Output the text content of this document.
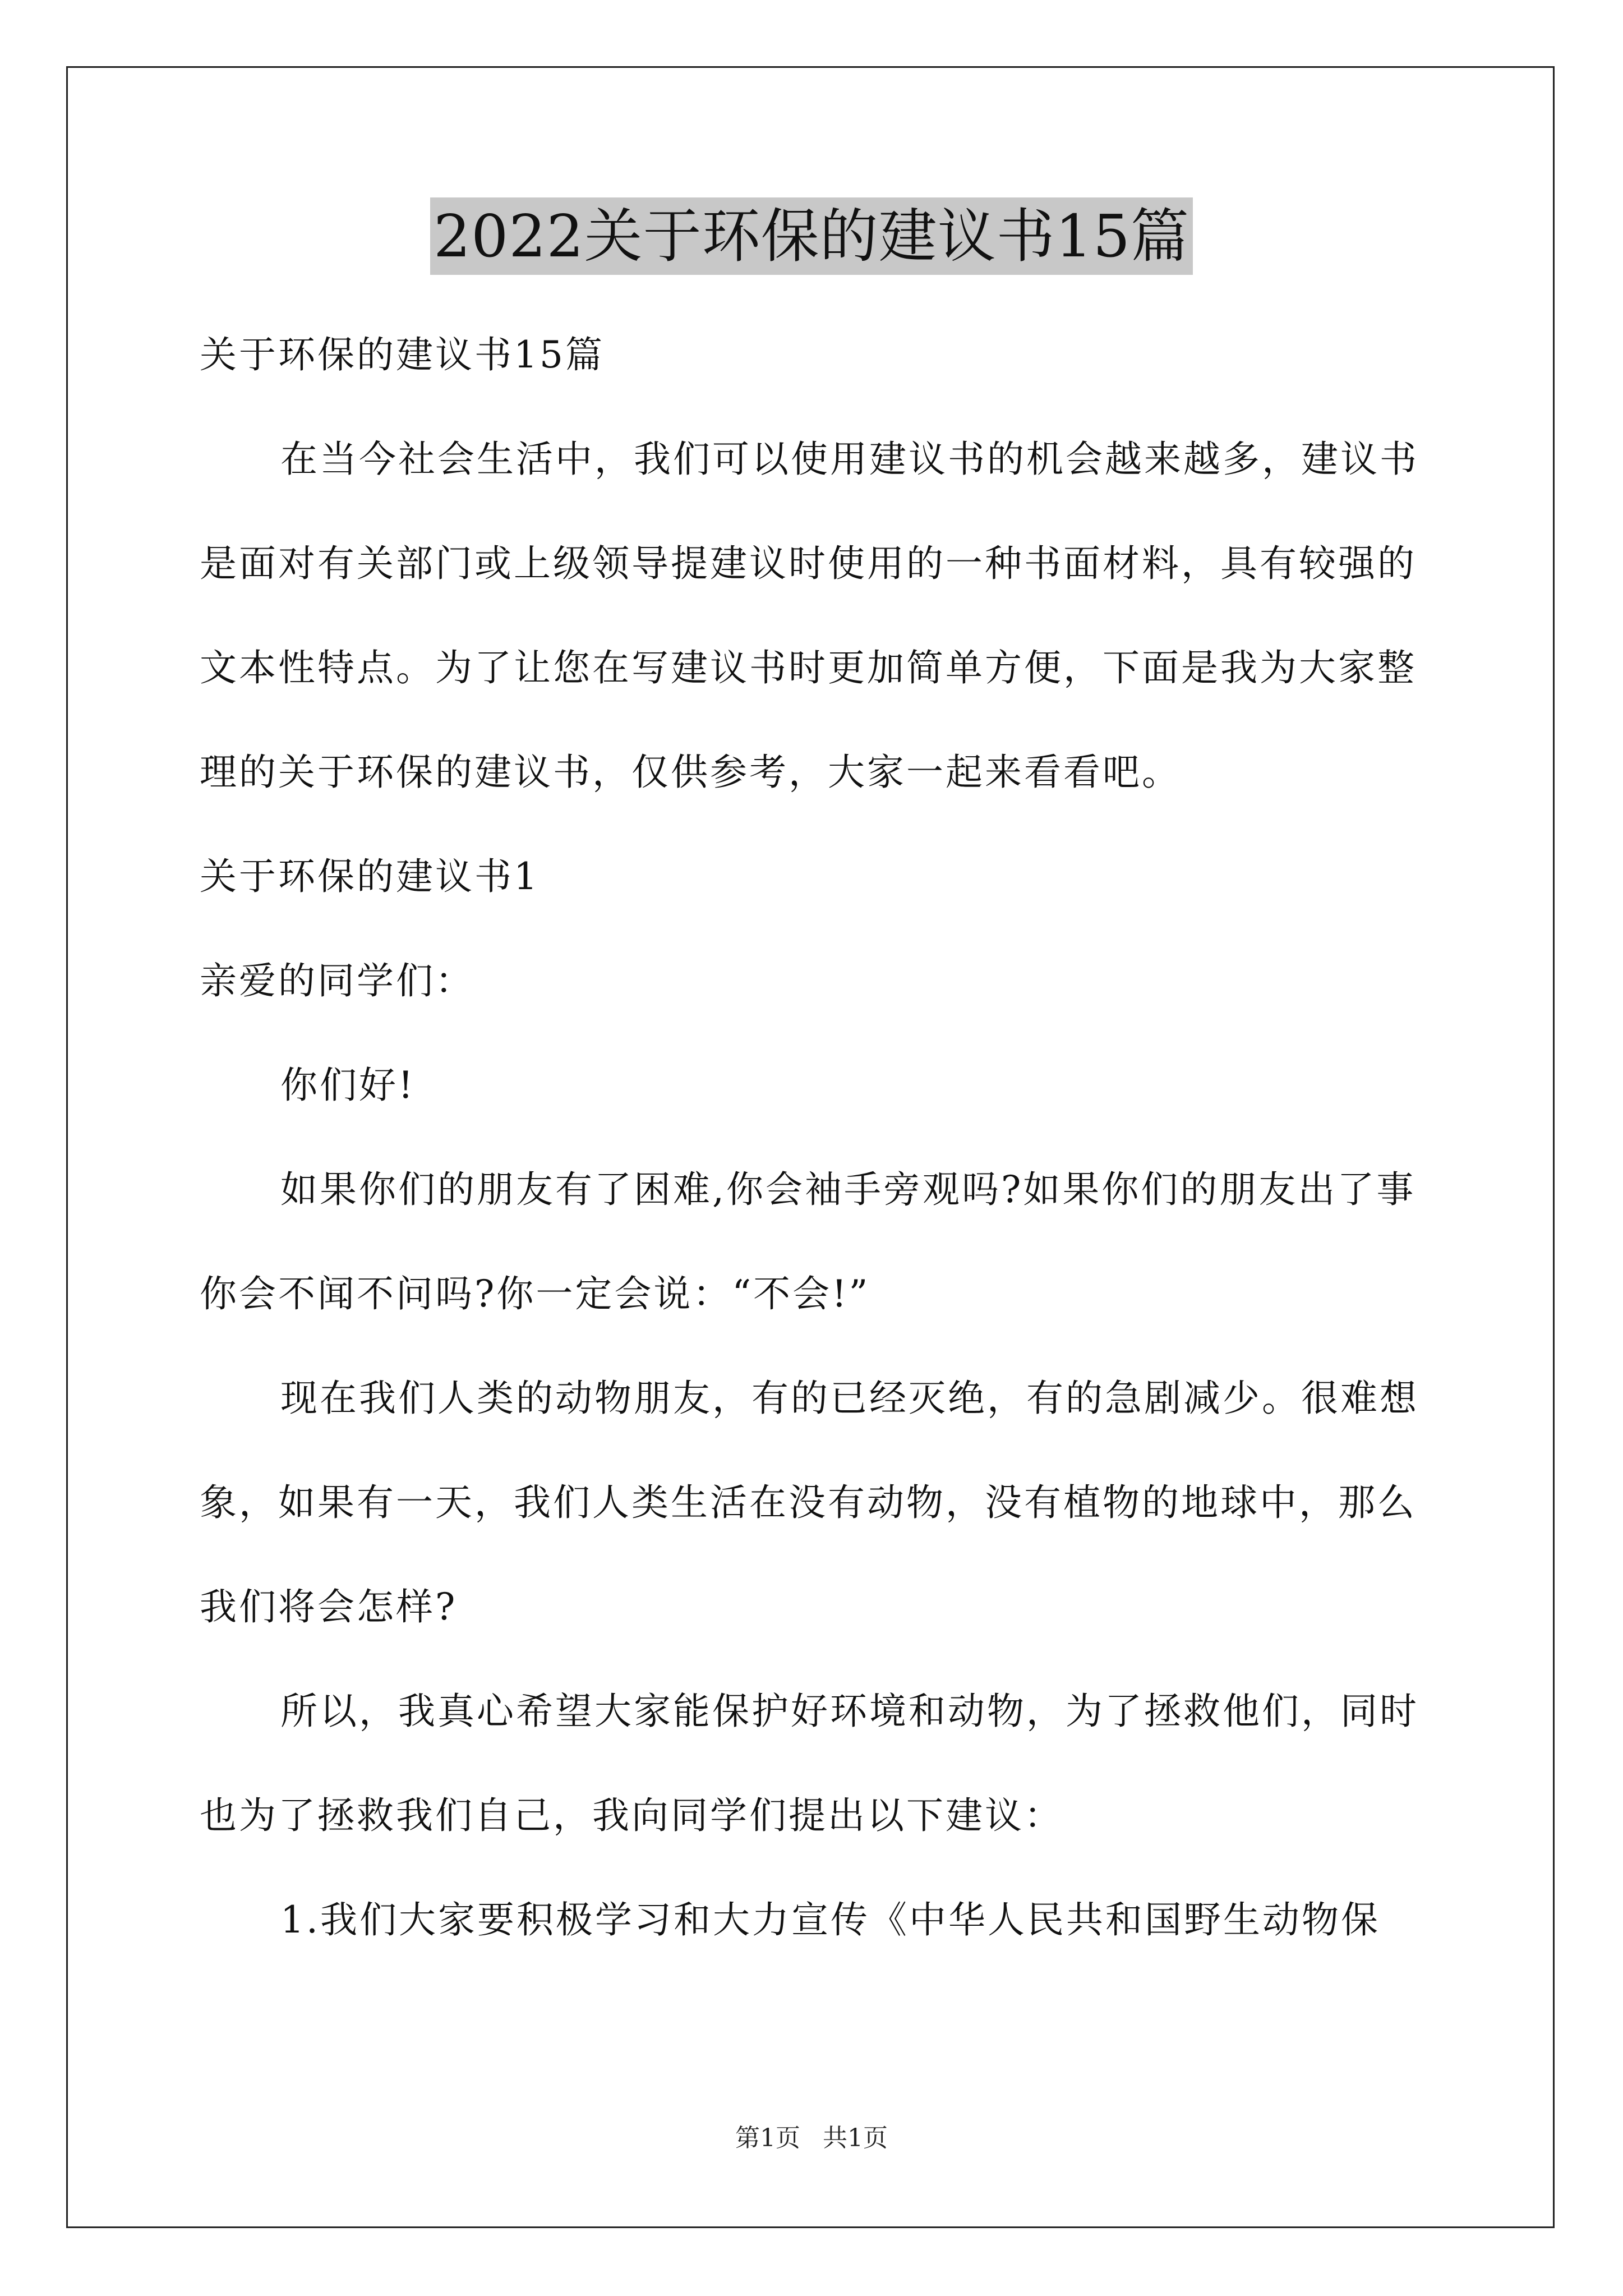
2022关于环保的建议书15篇

关于环保的建议书15篇

在当今社会生活中，我们可以使用建议书的机会越来越多，建议书是面对有关部门或上级领导提建议时使用的一种书面材料，具有较强的文本性特点。为了让您在写建议书时更加简单方便，下面是我为大家整理的关于环保的建议书，仅供参考，大家一起来看看吧。

关于环保的建议书1

亲爱的同学们：

你们好!

如果你们的朋友有了困难,你会袖手旁观吗?如果你们的朋友出了事你会不闻不问吗?你一定会说：“不会!”

现在我们人类的动物朋友，有的已经灭绝，有的急剧减少。很难想象，如果有一天，我们人类生活在没有动物，没有植物的地球中，那么我们将会怎样?

所以，我真心希望大家能保护好环境和动物，为了拯救他们，同时也为了拯救我们自己，我向同学们提出以下建议：

1.我们大家要积极学习和大力宣传《中华人民共和国野生动物保

第1页 共1页
